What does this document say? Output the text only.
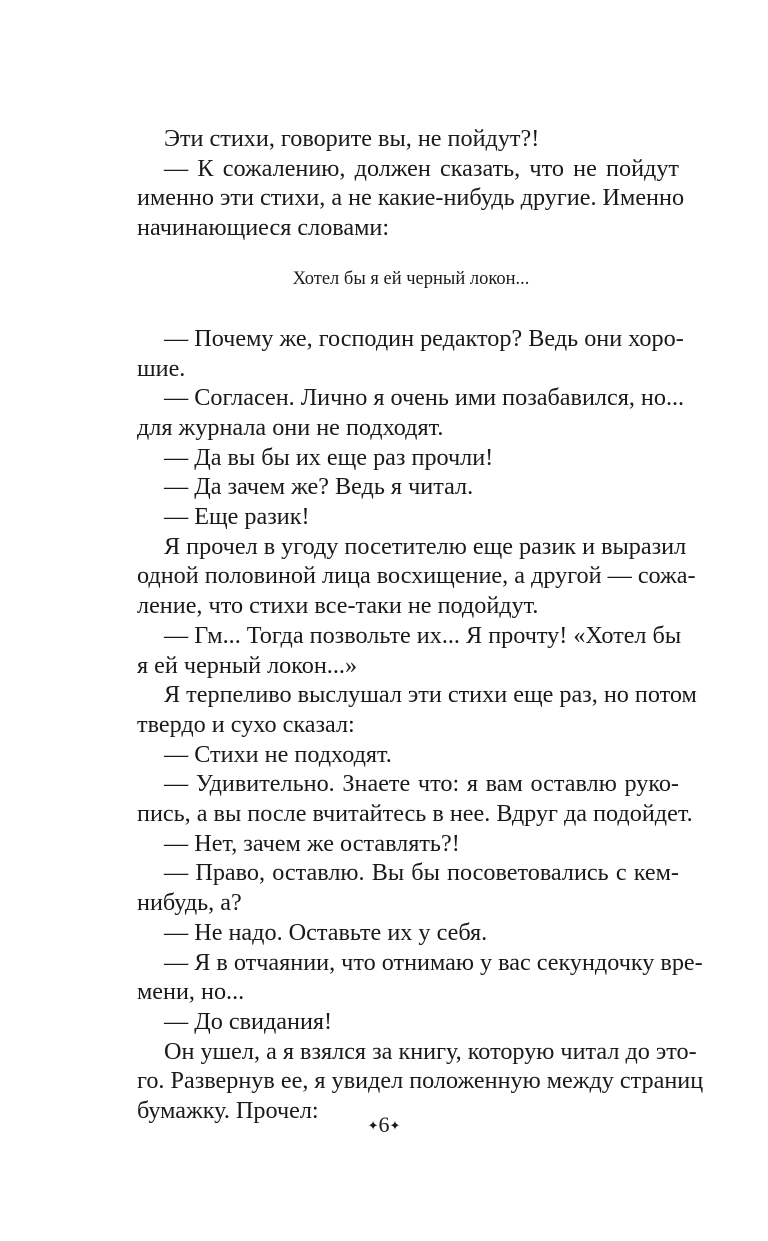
Эти стихи, говорите вы, не пойдут?!
— К сожалению, должен сказать, что не пойдут
именно эти стихи, а не какие-нибудь другие. Именно
начинающиеся словами:
Хотел бы я ей черный локон...
— Почему же, господин редактор? Ведь они хоро-
шие.
— Согласен. Лично я очень ими позабавился, но...
для журнала они не подходят.
— Да вы бы их еще раз прочли!
— Да зачем же? Ведь я читал.
— Еще разик!
Я прочел в угоду посетителю еще разик и выразил
одной половиной лица восхищение, а другой — сожа-
ление, что стихи все-таки не подойдут.
— Гм... Тогда позвольте их... Я прочту! «Хотел бы
я ей черный локон...»
Я терпеливо выслушал эти стихи еще раз, но потом
твердо и сухо сказал:
— Стихи не подходят.
— Удивительно. Знаете что: я вам оставлю руко-
пись, а вы после вчитайтесь в нее. Вдруг да подойдет.
— Нет, зачем же оставлять?!
— Право, оставлю. Вы бы посоветовались с кем-
нибудь, а?
— Не надо. Оставьте их у себя.
— Я в отчаянии, что отнимаю у вас секундочку вре-
мени, но...
— До свидания!
Он ушел, а я взялся за книгу, которую читал до это-
го. Развернув ее, я увидел положенную между страниц
бумажку. Прочел:
✦6✦
